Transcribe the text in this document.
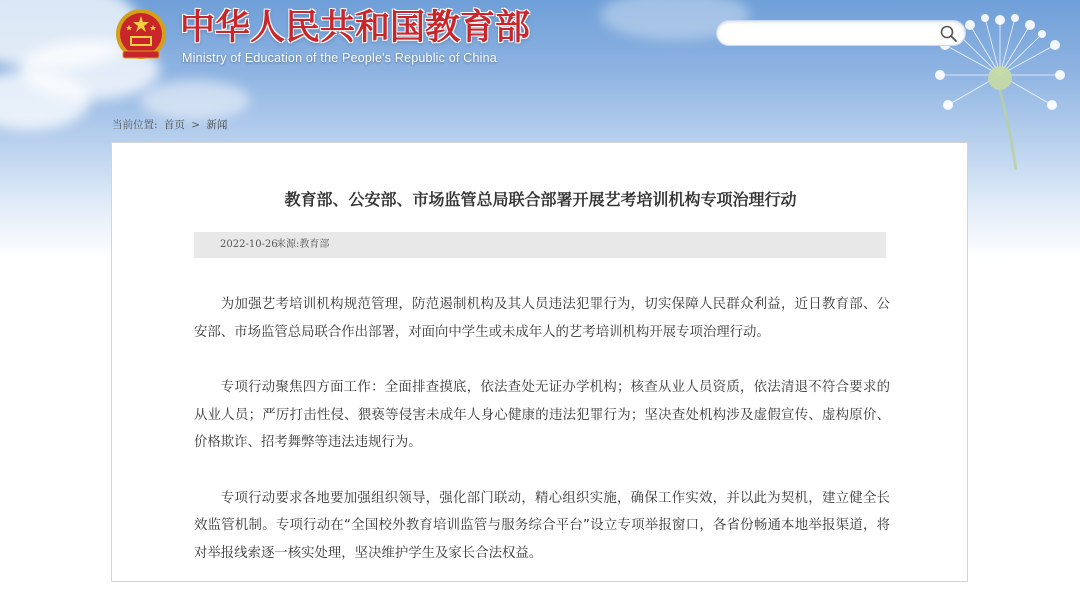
中华人民共和国教育部

Ministry of Education of the People's Republic of China

当前位置: 首页 > 新闻
教育部、公安部、市场监管总局联合部署开展艺考培训机构专项治理行动
2022-10-26
来源:教育部

为加强艺考培训机构规范管理，防范遏制机构及其人员违法犯罪行为，切实保障人民群众利益，近日教育部、公安部、市场监管总局联合作出部署，对面向中学生或未成年人的艺考培训机构开展专项治理行动。

专项行动聚焦四方面工作：全面排查摸底，依法查处无证办学机构；核查从业人员资质，依法清退不符合要求的从业人员；严厉打击性侵、猥亵等侵害未成年人身心健康的违法犯罪行为；坚决查处机构涉及虚假宣传、虚构原价、价格欺诈、招考舞弊等违法违规行为。

专项行动要求各地要加强组织领导，强化部门联动，精心组织实施，确保工作实效，并以此为契机，建立健全长效监管机制。专项行动在“全国校外教育培训监管与服务综合平台”设立专项举报窗口，各省份畅通本地举报渠道，将对举报线索逐一核实处理，坚决维护学生及家长合法权益。
